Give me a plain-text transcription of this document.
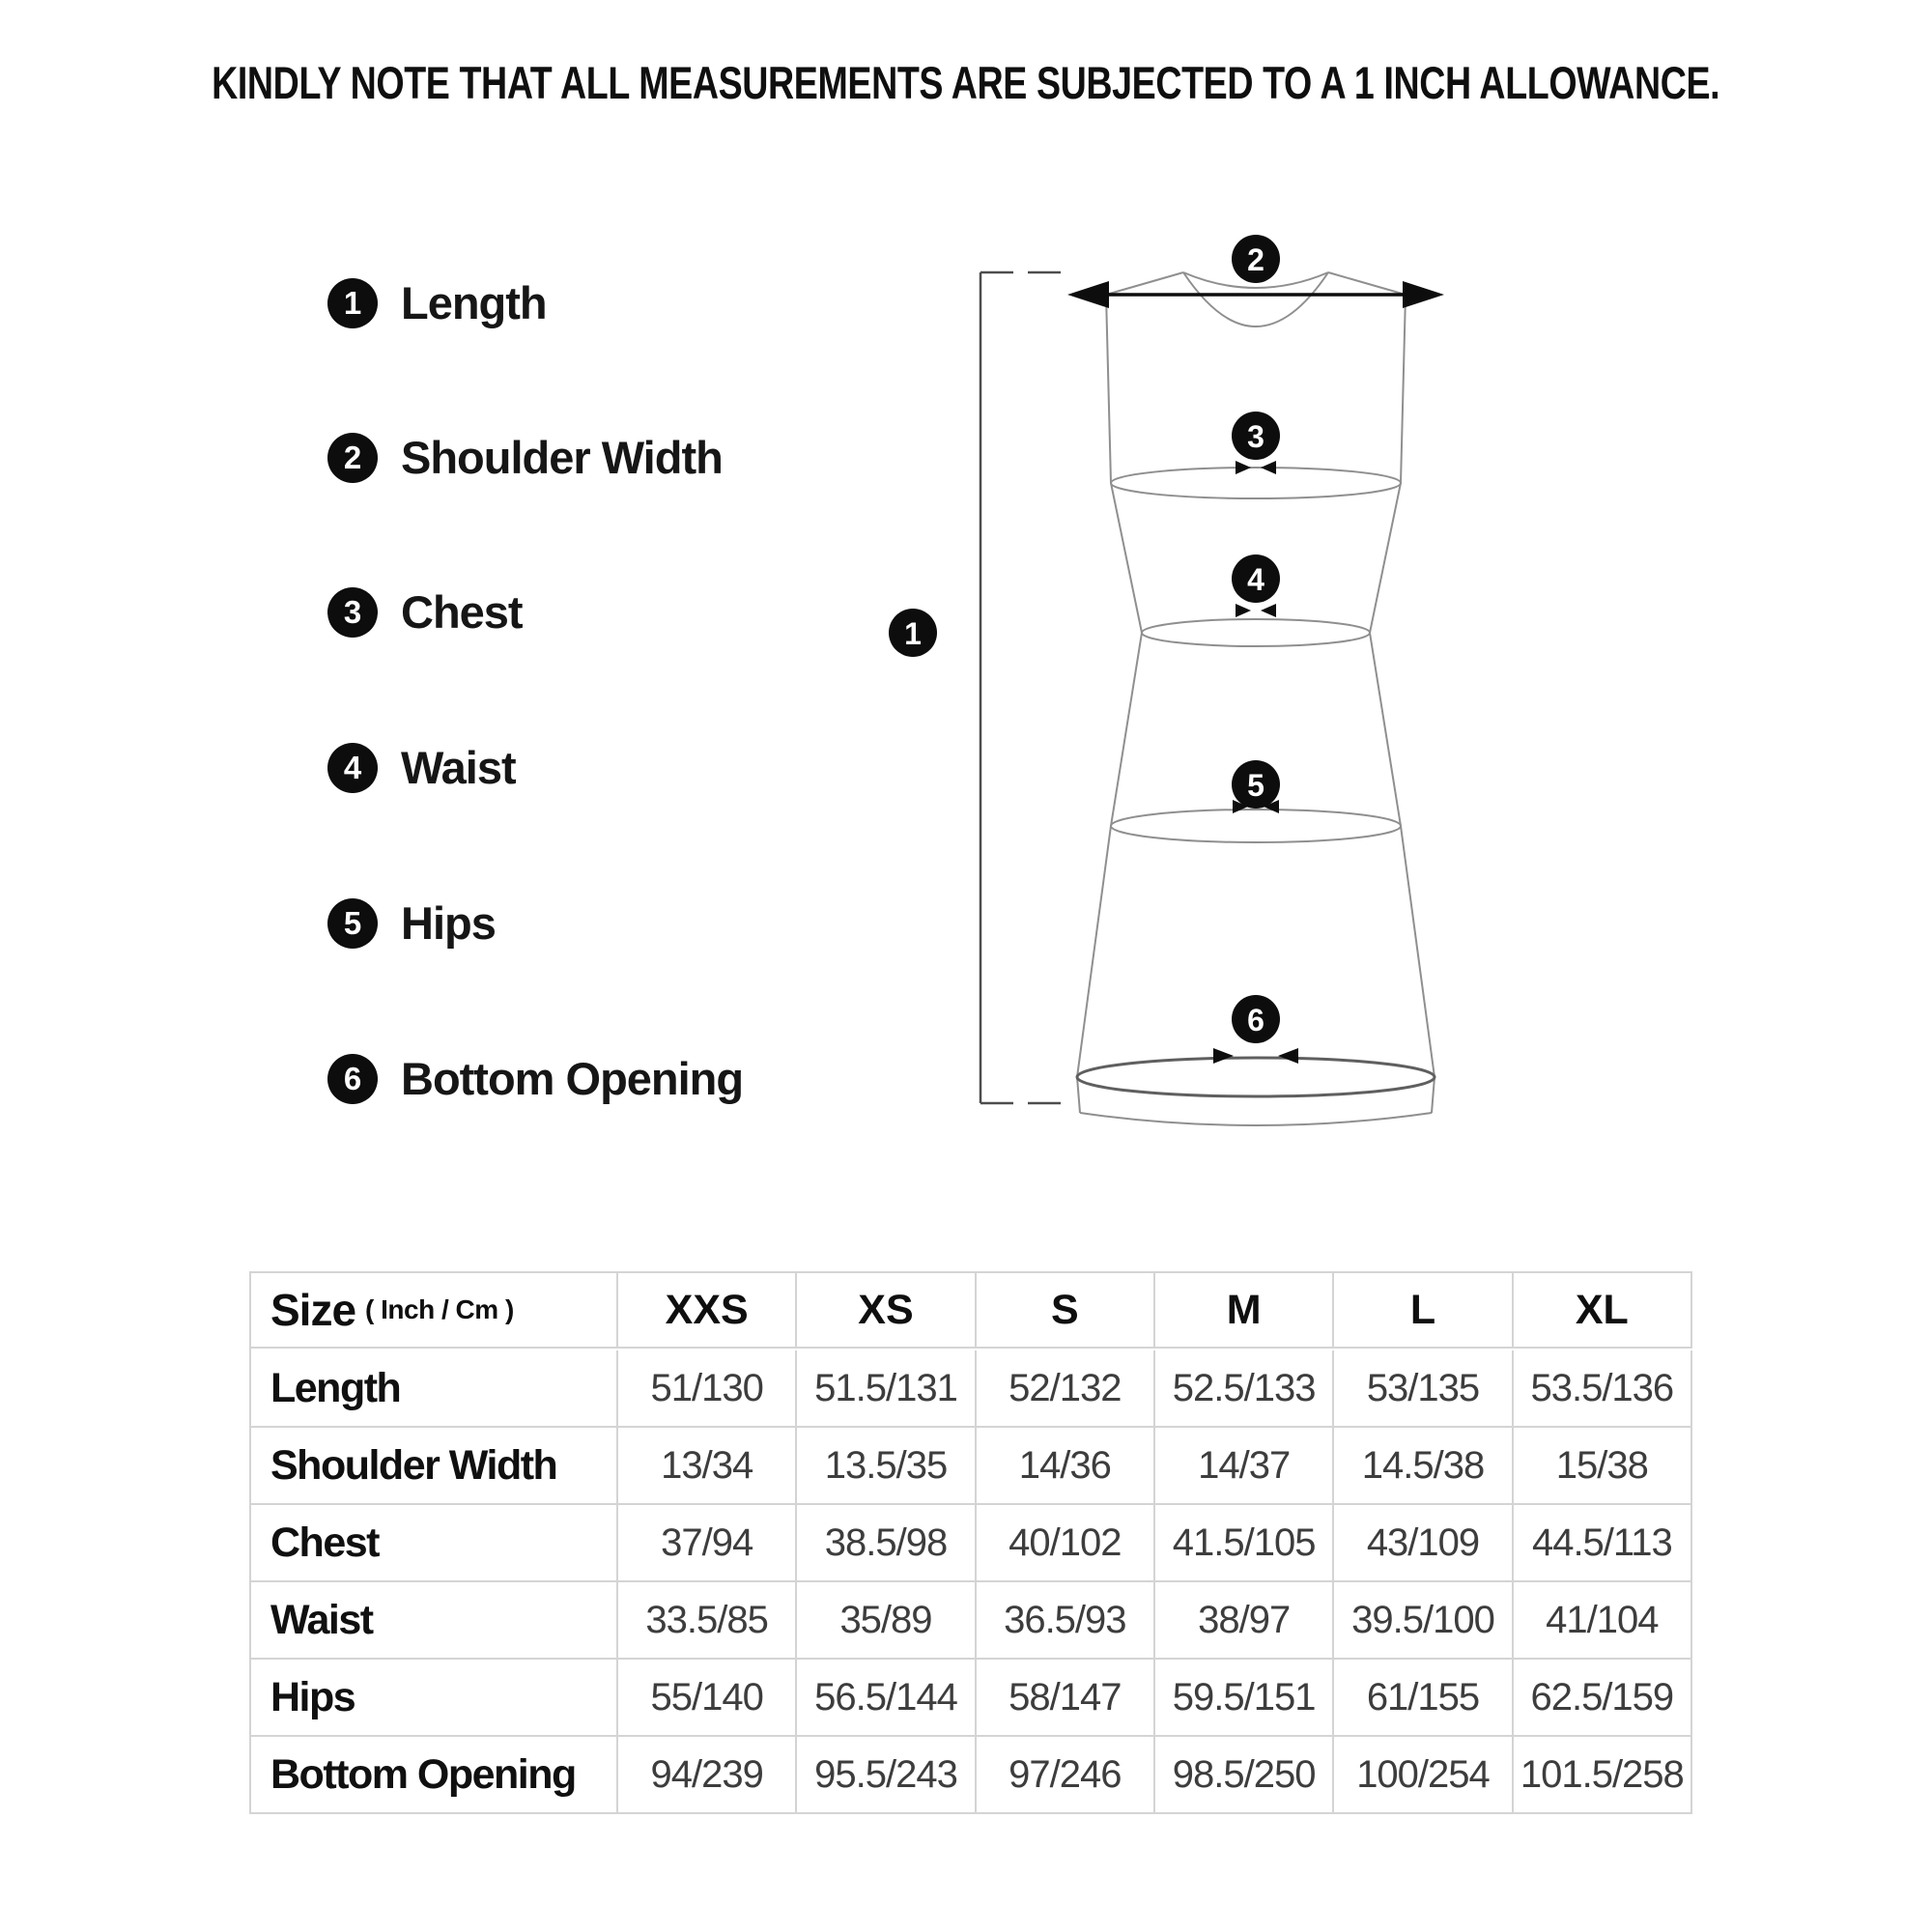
KINDLY NOTE THAT ALL MEASUREMENTS ARE SUBJECTED TO A 1 INCH ALLOWANCE.
1 Length
2 Shoulder Width
3 Chest
4 Waist
5 Hips
6 Bottom Opening
1
2
3
4
5
6
Size ( Inch / Cm )	XXS	XS	S	M	L	XL
Length	51/130 51.5/131 52/132 52.5/133 53/135 53.5/136
Shoulder Width	13/34 13.5/35 14/36 14/37 14.5/38 15/38
Chest	37/94 38.5/98 40/102 41.5/105 43/109 44.5/113
Waist	33.5/85 35/89 36.5/93 38/97 39.5/100 41/104
Hips	55/140 56.5/144 58/147 59.5/151 61/155 62.5/159
Bottom Opening 94/239 95.5/243 97/246 98.5/250 100/254 101.5/258
